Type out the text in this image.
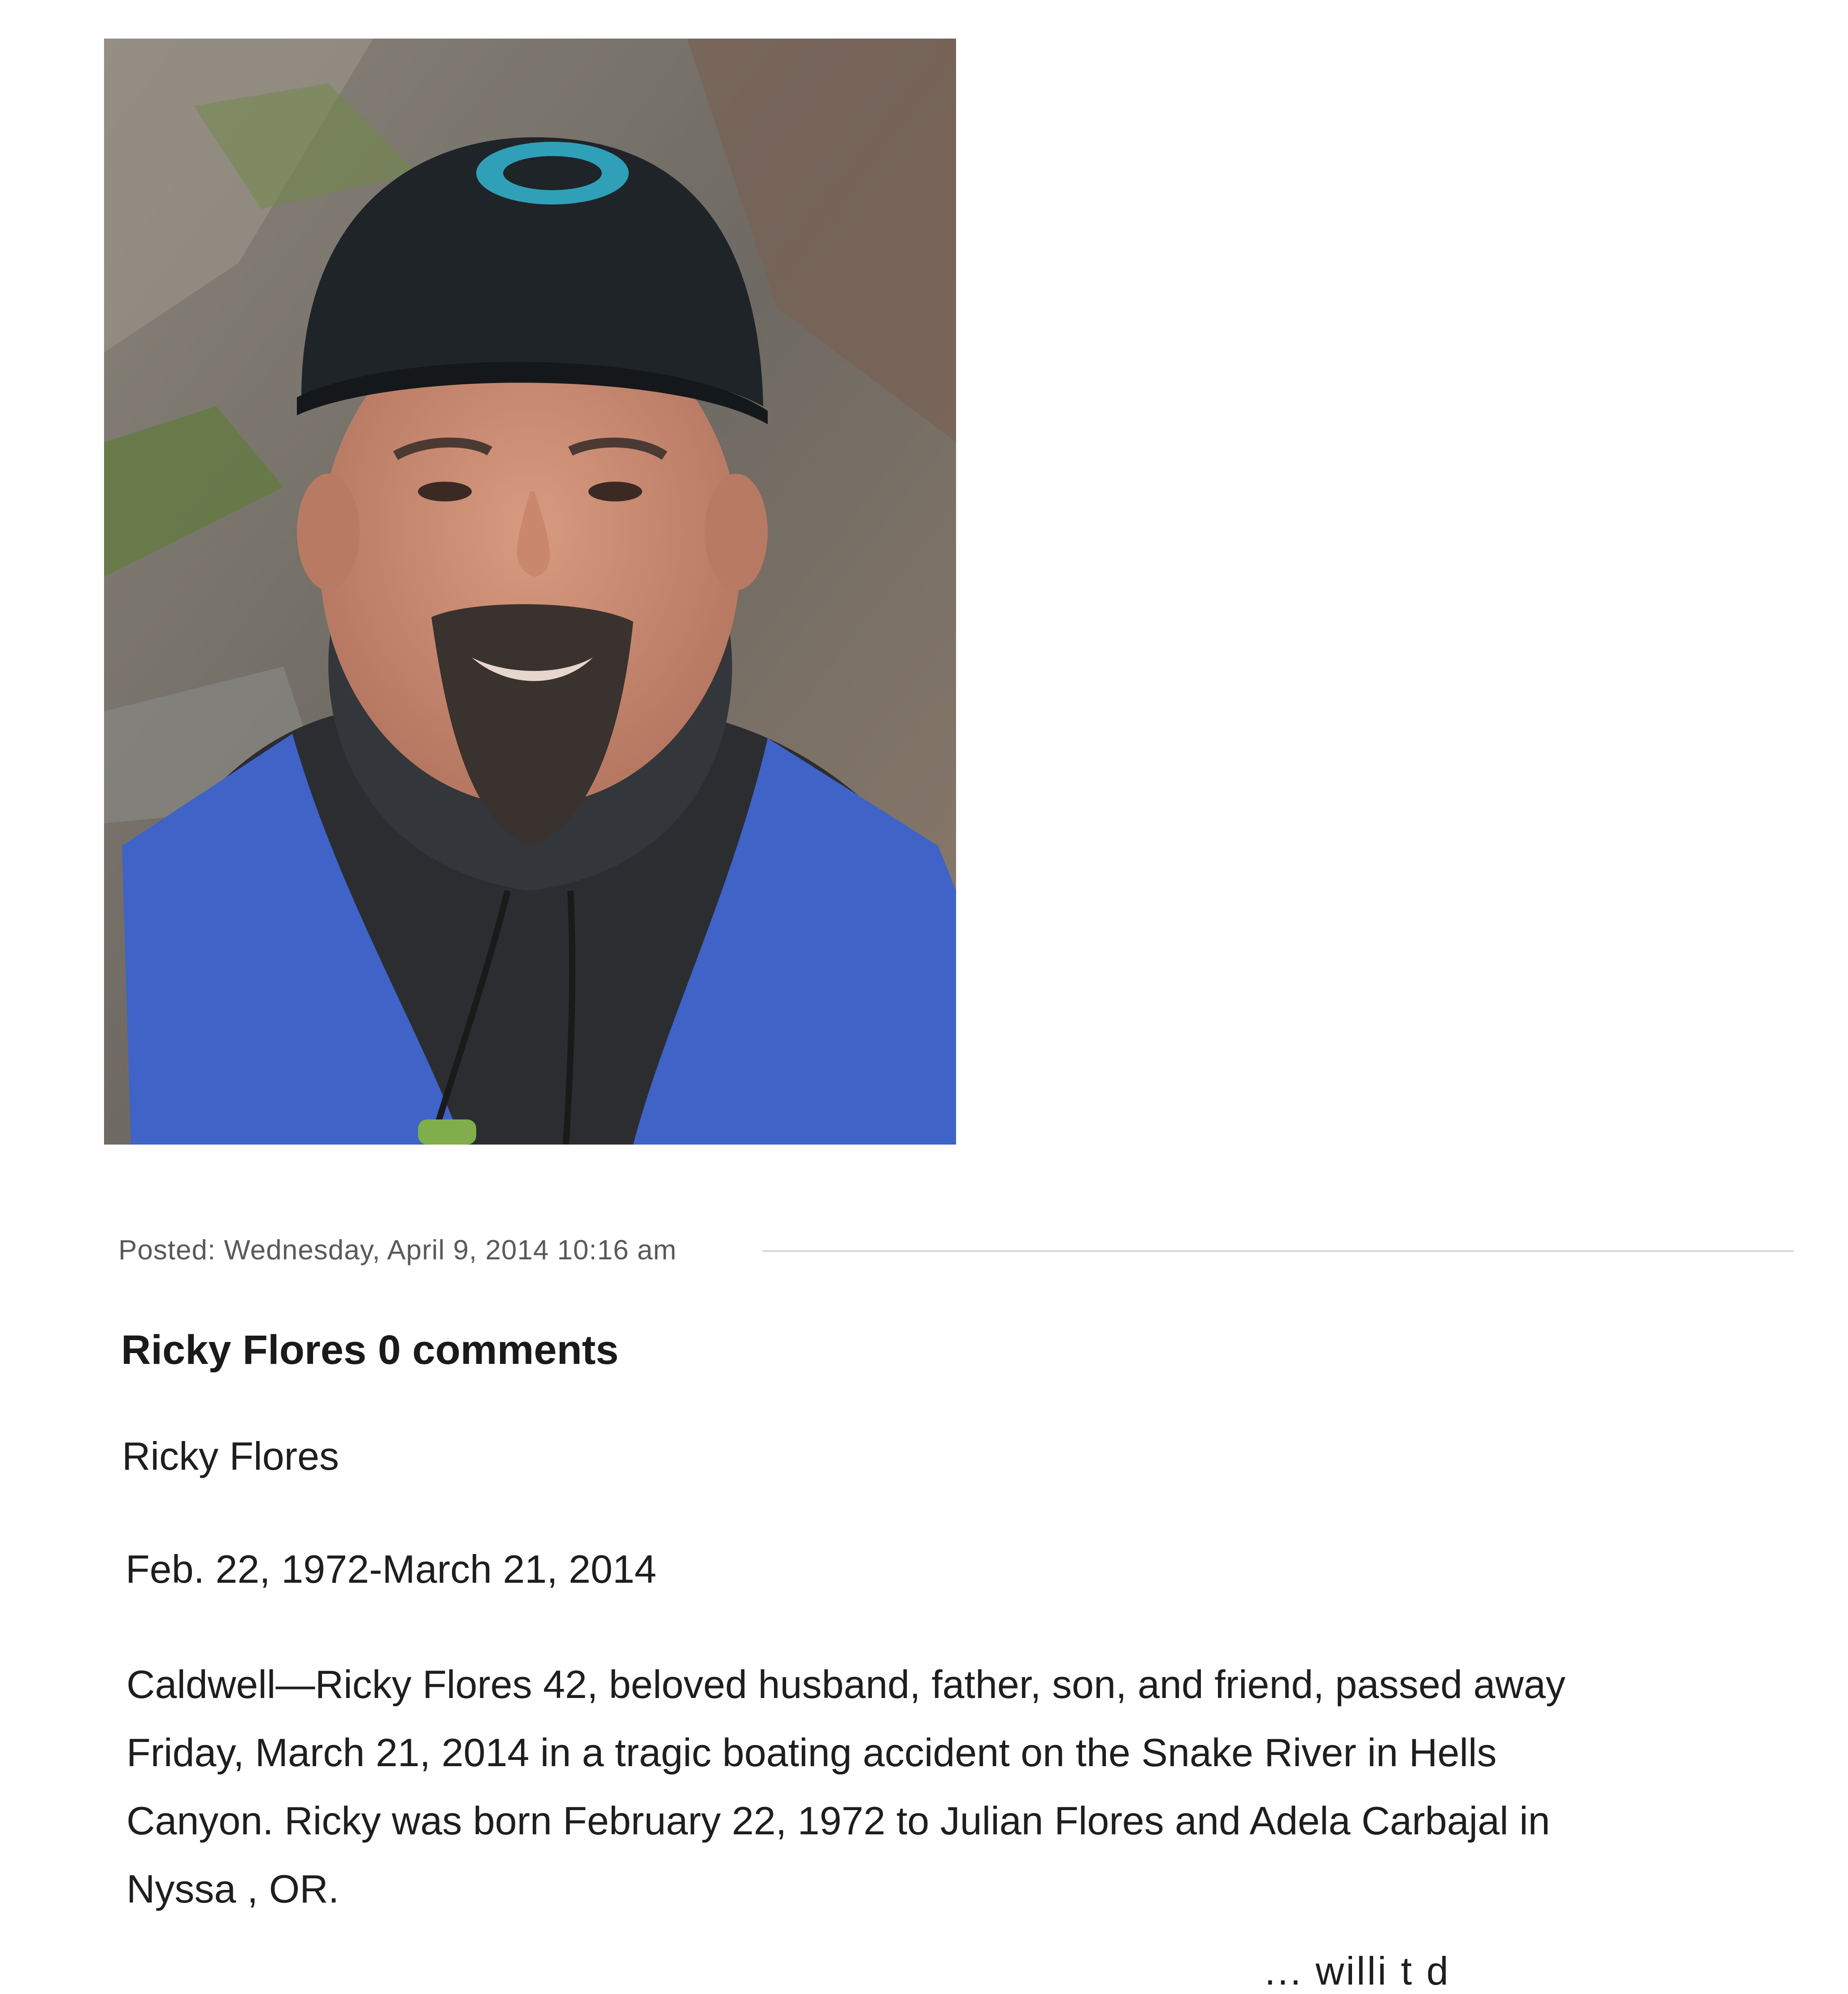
Posted: Wednesday, April 9, 2014 10:16 am
Ricky Flores 0 comments
Ricky Flores
Feb. 22, 1972-March 21, 2014
Caldwell—Ricky Flores 42, beloved husband, father, son, and friend, passed away
Friday, March 21, 2014 in a tragic boating accident on the Snake River in Hells
Canyon. Ricky was born February 22, 1972 to Julian Flores and Adela Carbajal in
Nyssa , OR.
... willi t d
